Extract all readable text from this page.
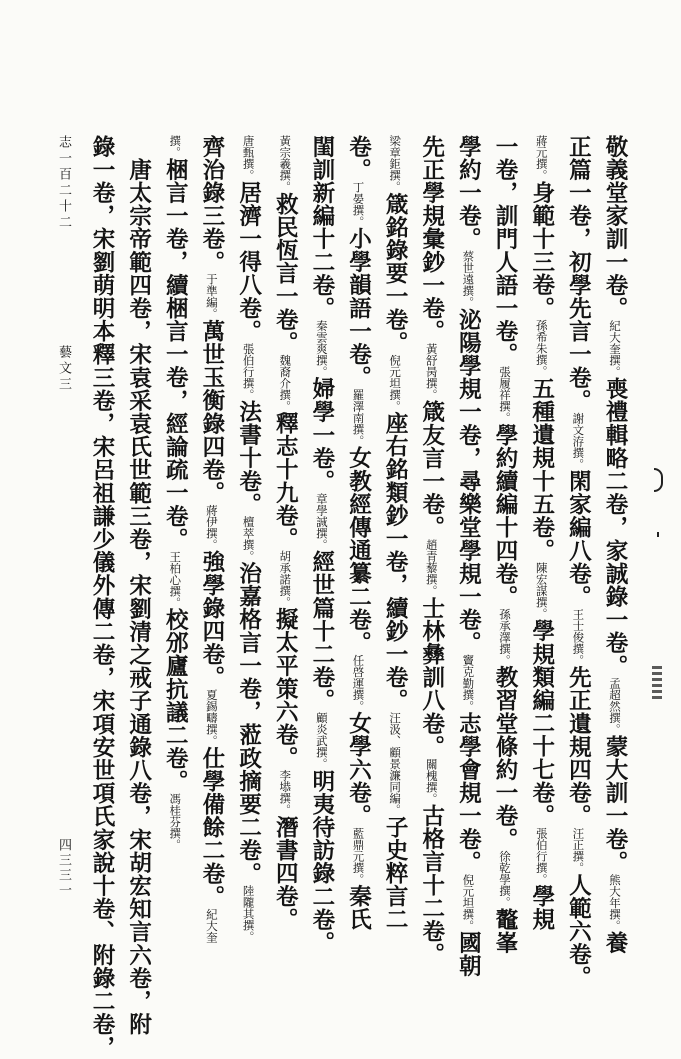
敬義堂家訓一卷。紀大奎撰。喪禮輯略二卷，家誠錄一卷。孟超然撰。蒙大訓一卷。熊大年撰。養
正篇一卷，初學先言一卷。謝文洊撰。閑家編八卷。王士俊撰。先正遺規四卷。汪正撰。人範六卷。
蔣元撰。身範十三卷。孫希朱撰。五種遺規十五卷。陳宏謀撰。學規類編二十七卷。張伯行撰。學規
一卷，訓門人語一卷。張履祥撰。學約續編十四卷。孫承澤撰。教習堂條約一卷。徐乾學撰。鼇峯
學約一卷。蔡世遠撰。泌陽學規一卷，尋樂堂學規一卷。竇克勤撰。志學會規一卷。倪元坦撰。國朝
先正學規彙鈔一卷。黃舒昺撰。箴友言一卷。趙青藜撰。士林彝訓八卷。關槐撰。古格言十二卷。
梁章鉅撰。箴銘錄要一卷。倪元坦撰。座右銘類鈔一卷，續鈔一卷。汪汲、顧景濂同編。子史粹言二
卷。丁晏撰。小學韻語一卷。羅澤南撰。女教經傳通纂二卷。任啓運撰。女學六卷。藍鼎元撰。秦氏
閨訓新編十二卷。秦雲爽撰。婦學一卷。章學誠撰。經世篇十二卷。顧炎武撰。明夷待訪錄二卷。
黃宗羲撰。救民恆言一卷。魏裔介撰。釋志十九卷。胡承諾撰。擬太平策六卷。李塨撰。潛書四卷。
唐甄撰。居濟一得八卷。張伯行撰。法書十卷。檀萃撰。治嘉格言一卷，蒞政摘要二卷。陸隴其撰。
齊治錄三卷。于準編。萬世玉衡錄四卷。蔣伊撰。強學錄四卷。夏錫疇撰。仕學備餘二卷。紀大奎
撰。梱言一卷，續梱言一卷，經論疏一卷。王柏心撰。校邠廬抗議二卷。馮桂芬撰。
　唐太宗帝範四卷，宋袁采袁氏世範三卷，宋劉清之戒子通錄八卷，宋胡宏知言六卷，附
錄一卷，宋劉萌明本釋三卷，宋呂祖謙少儀外傳二卷，宋項安世項氏家說十卷、附錄二卷，
志一百二十二
藝文三
四三三一
